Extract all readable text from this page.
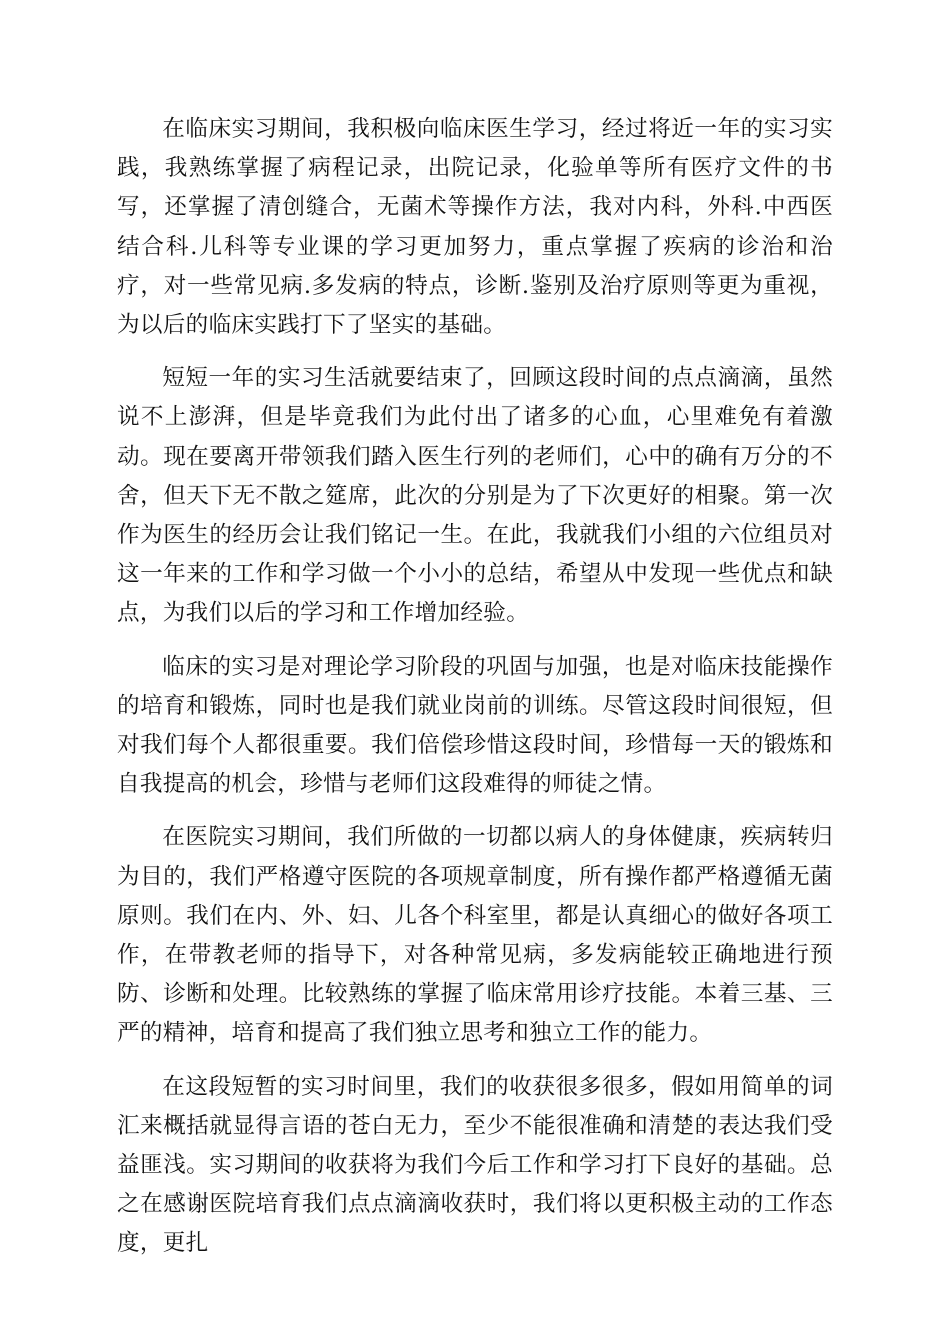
在临床实习期间，我积极向临床医生学习，经过将近一年的实习实践，我熟练掌握了病程记录，出院记录，化验单等所有医疗文件的书写，还掌握了清创缝合，无菌术等操作方法，我对内科，外科.中西医结合科.儿科等专业课的学习更加努力，重点掌握了疾病的诊治和治疗，对一些常见病.多发病的特点，诊断.鉴别及治疗原则等更为重视，为以后的临床实践打下了坚实的基础。

短短一年的实习生活就要结束了，回顾这段时间的点点滴滴，虽然说不上澎湃，但是毕竟我们为此付出了诸多的心血，心里难免有着激动。现在要离开带领我们踏入医生行列的老师们，心中的确有万分的不舍，但天下无不散之筵席，此次的分别是为了下次更好的相聚。第一次作为医生的经历会让我们铭记一生。在此，我就我们小组的六位组员对这一年来的工作和学习做一个小小的总结，希望从中发现一些优点和缺点，为我们以后的学习和工作增加经验。

临床的实习是对理论学习阶段的巩固与加强，也是对临床技能操作的培育和锻炼，同时也是我们就业岗前的训练。尽管这段时间很短，但对我们每个人都很重要。我们倍偿珍惜这段时间，珍惜每一天的锻炼和自我提高的机会，珍惜与老师们这段难得的师徒之情。

在医院实习期间，我们所做的一切都以病人的身体健康，疾病转归为目的，我们严格遵守医院的各项规章制度，所有操作都严格遵循无菌原则。我们在内、外、妇、儿各个科室里，都是认真细心的做好各项工作，在带教老师的指导下，对各种常见病，多发病能较正确地进行预防、诊断和处理。比较熟练的掌握了临床常用诊疗技能。本着三基、三严的精神，培育和提高了我们独立思考和独立工作的能力。

在这段短暂的实习时间里，我们的收获很多很多，假如用简单的词汇来概括就显得言语的苍白无力，至少不能很准确和清楚的表达我们受益匪浅。实习期间的收获将为我们今后工作和学习打下良好的基础。总之在感谢医院培育我们点点滴滴收获时，我们将以更积极主动的工作态度，更扎
